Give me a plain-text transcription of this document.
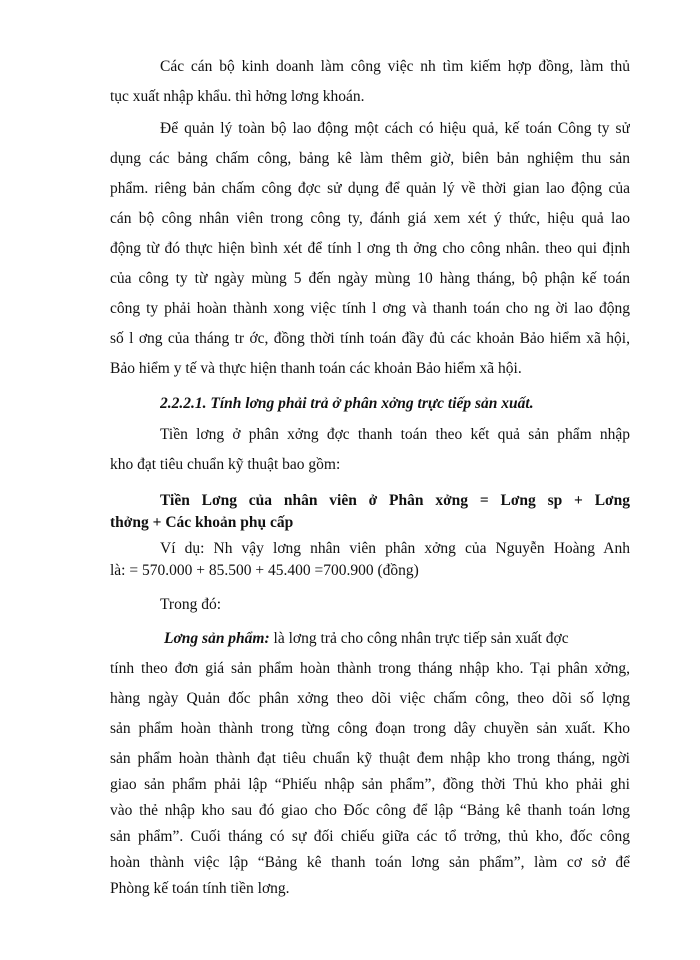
Các cán bộ kinh doanh làm công việc nh tìm kiếm hợp đồng, làm thủ
tục xuất nhập khẩu. thì hởng lơng khoán.
Để quản lý toàn bộ lao động một cách có hiệu quả, kế toán Công ty sử
dụng các bảng chấm công, bảng kê làm thêm giờ, biên bản nghiệm thu sản
phẩm. riêng bản chấm công đợc sử dụng để quản lý về thời gian lao động của
cán bộ công nhân viên trong công ty, đánh giá xem xét ý thức, hiệu quả lao
động từ đó thực hiện bình xét để tính l ơng th ởng cho công nhân. theo qui định
của công ty từ ngày mùng 5 đến ngày mùng 10 hàng tháng, bộ phận kế toán
công ty phải hoàn thành xong việc tính l ơng và thanh toán cho ng ời lao động
số l ơng của tháng tr ớc, đồng thời tính toán đầy đủ các khoản Bảo hiểm xã hội,
Bảo hiểm y tế và thực hiện thanh toán các khoản Bảo hiểm xã hội.
2.2.2.1. Tính lơng phải trả ở phân xởng trực tiếp sản xuất.
Tiền lơng ở phân xởng đợc thanh toán theo kết quả sản phẩm nhập
kho đạt tiêu chuẩn kỹ thuật bao gồm:
Tiền Lơng của nhân viên ở Phân xởng = Lơng sp + Lơng
thởng + Các khoản phụ cấp
Ví dụ: Nh vậy lơng nhân viên phân xởng của Nguyễn Hoàng Anh
là: = 570.000 + 85.500 + 45.400 =700.900 (đồng)
Trong đó:
Lơng sản phẩm: là lơng trả cho công nhân trực tiếp sản xuất đợc
tính theo đơn giá sản phẩm hoàn thành trong tháng nhập kho. Tại phân xởng,
hàng ngày Quản đốc phân xởng theo dõi việc chấm công, theo dõi số lợng
sản phẩm hoàn thành trong từng công đoạn trong dây chuyền sản xuất. Kho
sản phẩm hoàn thành đạt tiêu chuẩn kỹ thuật đem nhập kho trong tháng, ngời
giao sản phẩm phải lập “Phiếu nhập sản phẩm”, đồng thời Thủ kho phải ghi
vào thẻ nhập kho sau đó giao cho Đốc công để lập “Bảng kê thanh toán lơng
sản phẩm”. Cuối tháng có sự đối chiếu giữa các tổ trởng, thủ kho, đốc công
hoàn thành việc lập “Bảng kê thanh toán lơng sản phẩm”, làm cơ sở để
Phòng kế toán tính tiền lơng.
